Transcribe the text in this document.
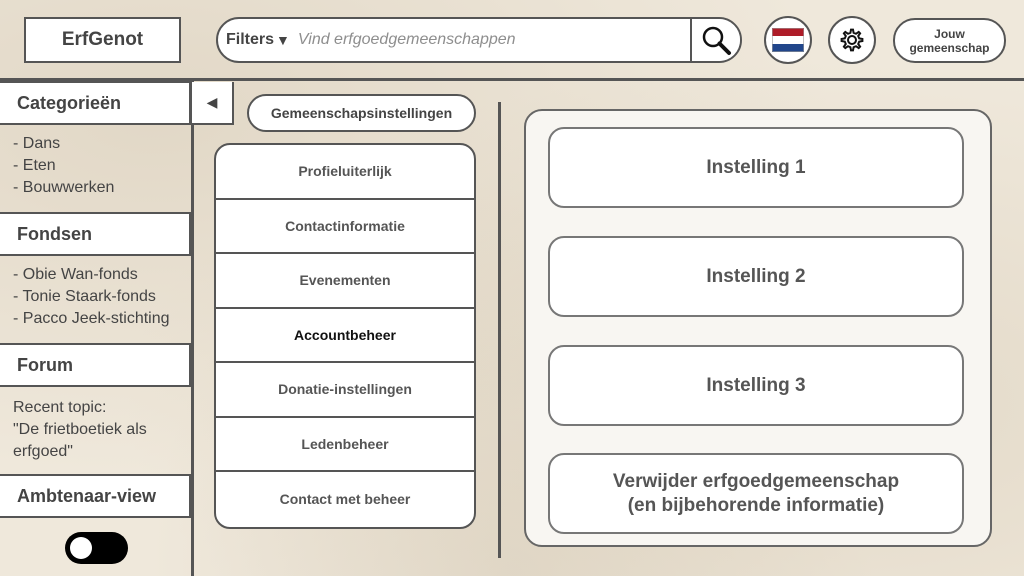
ErfGenot	Filters ▼
Vind erfgoedgemeenschappen	Jouw
gemeenschap
Categorieën
- Dans
- Eten
- Bouwwerken
Fondsen
- Obie Wan-fonds
- Tonie Staark-fonds
- Pacco Jeek-stichting
Forum
Recent topic:
"De frietboetiek als
erfgoed"
Ambtenaar-view
◀
Gemeenschapsinstellingen
Profieluiterlijk
Contactinformatie
Evenementen
Accountbeheer
Donatie-instellingen
Ledenbeheer
Contact met beheer
Instelling 1
Instelling 2
Instelling 3
Verwijder erfgoedgemeenschap
(en bijbehorende informatie)
